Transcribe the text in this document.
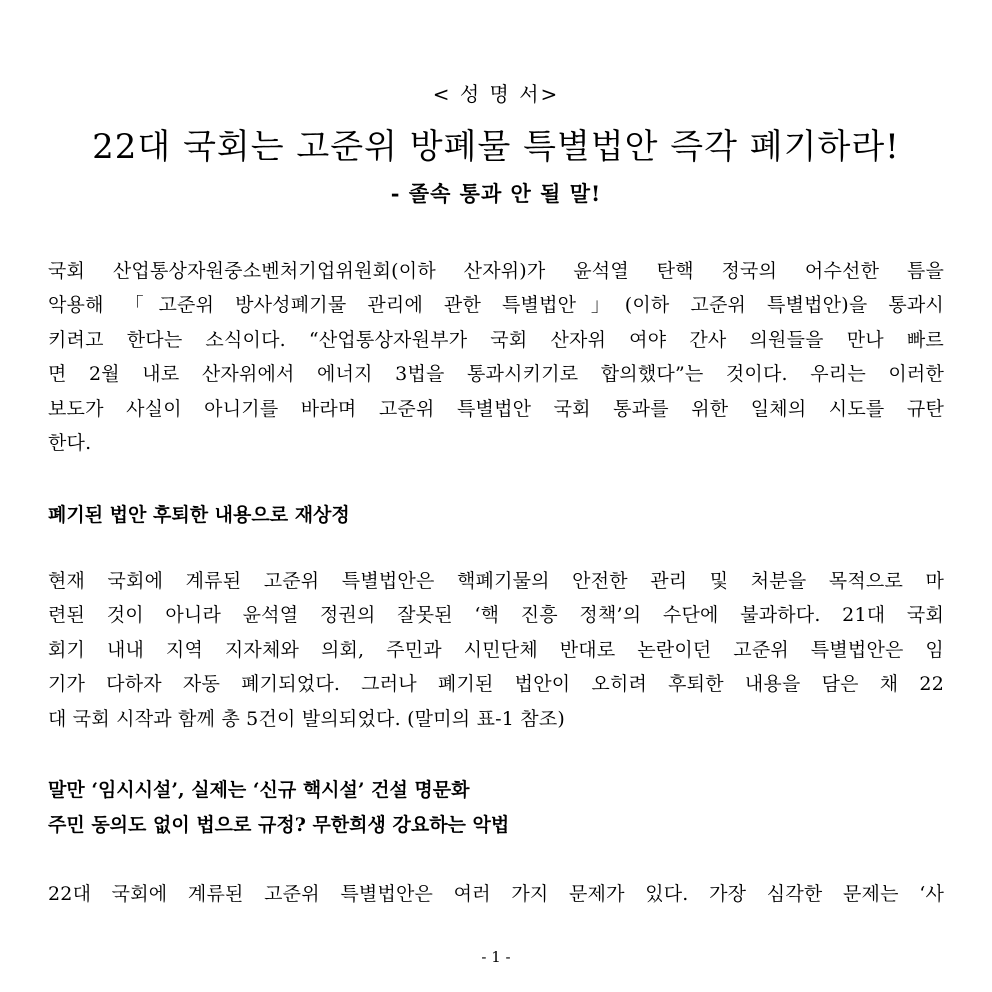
< 성 명 서>
22대 국회는 고준위 방폐물 특별법안 즉각 폐기하라!
- 졸속 통과 안 될 말!

국회 산업통상자원중소벤처기업위원회(이하 산자위)가 윤석열 탄핵 정국의 어수선한 틈을
악용해 「고준위 방사성폐기물 관리에 관한 특별법안」(이하 고준위 특별법안)을 통과시
키려고 한다는 소식이다. “산업통상자원부가 국회 산자위 여야 간사 의원들을 만나 빠르
면 2월 내로 산자위에서 에너지 3법을 통과시키기로 합의했다”는 것이다. 우리는 이러한
보도가 사실이 아니기를 바라며 고준위 특별법안 국회 통과를 위한 일체의 시도를 규탄
한다.

폐기된 법안 후퇴한 내용으로 재상정

현재 국회에 계류된 고준위 특별법안은 핵폐기물의 안전한 관리 및 처분을 목적으로 마
련된 것이 아니라 윤석열 정권의 잘못된 ‘핵 진흥 정책’의 수단에 불과하다. 21대 국회
회기 내내 지역 지자체와 의회, 주민과 시민단체 반대로 논란이던 고준위 특별법안은 임
기가 다하자 자동 폐기되었다. 그러나 폐기된 법안이 오히려 후퇴한 내용을 담은 채 22
대 국회 시작과 함께 총 5건이 발의되었다. (말미의 표-1 참조)

말만 ‘임시시설’, 실제는 ‘신규 핵시설’ 건설 명문화
주민 동의도 없이 법으로 규정? 무한희생 강요하는 악법

22대 국회에 계류된 고준위 특별법안은 여러 가지 문제가 있다. 가장 심각한 문제는 ‘사

- 1 -
